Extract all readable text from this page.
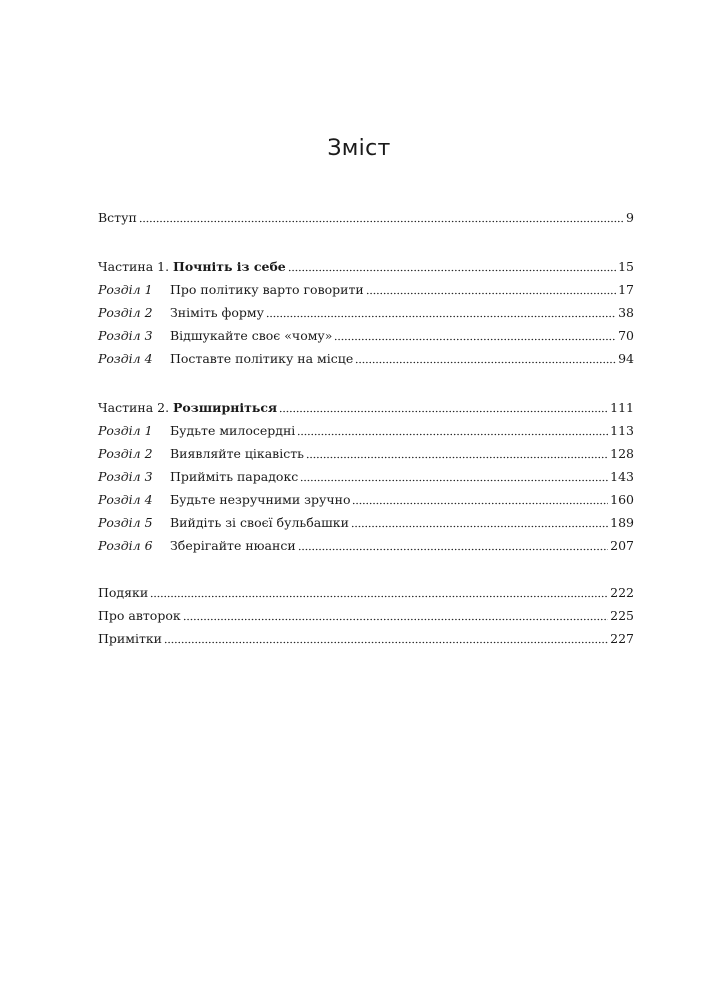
Зміст
Вступ	9
Частина 1. Почніть із себе	15
Розділ 1	Про політику варто говорити	17
Розділ 2	Зніміть форму	38
Розділ 3	Відшукайте своє «чому»	70
Розділ 4	Поставте політику на місце	94
Частина 2. Розширніться	111
Розділ 1	Будьте милосердні	113
Розділ 2	Виявляйте цікавість	128
Розділ 3	Прийміть парадокс	143
Розділ 4	Будьте незручними зручно	160
Розділ 5	Вийдіть зі своєї бульбашки	189
Розділ 6	Зберігайте нюанси	207
Подяки	222
Про авторок	225
Примітки	227
